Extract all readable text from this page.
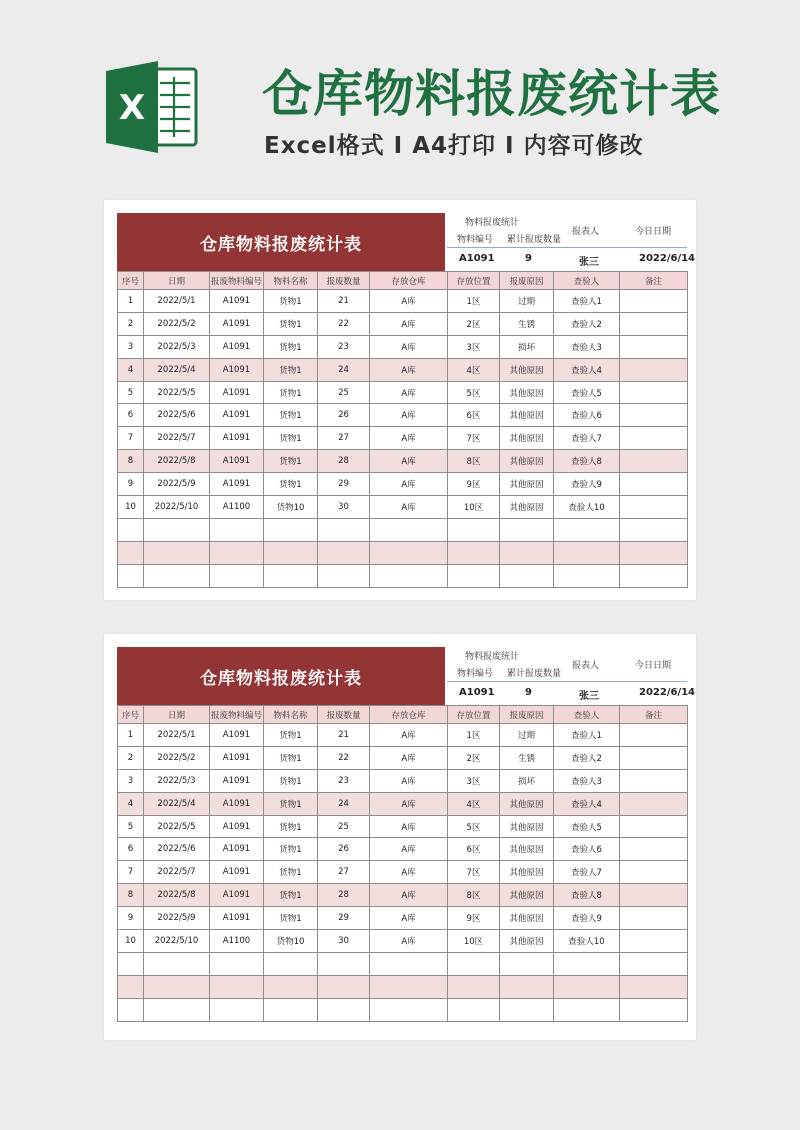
X 仓库物料报废统计表
Excel格式 I A4打印 I 内容可修改
仓库物料报废统计表
物料报废统计
物料编号 累计报废数量
报表人	今日日期
A1091	9	张三	2022/6/14
序号	日期	报废物料编号	物料名称	报废数量	存放仓库	存放位置	报废原因	查验人	备注
1	2022/5/1	A1091	货物1	21	A库	1区	过期	查验人1	
2	2022/5/2	A1091	货物1	22	A库	2区	生锈	查验人2	
3	2022/5/3	A1091	货物1	23	A库	3区	损坏	查验人3	
4	2022/5/4	A1091	货物1	24	A库	4区	其他原因	查验人4	
5	2022/5/5	A1091	货物1	25	A库	5区	其他原因	查验人5	
6	2022/5/6	A1091	货物1	26	A库	6区	其他原因	查验人6	
7	2022/5/7	A1091	货物1	27	A库	7区	其他原因	查验人7	
8	2022/5/8	A1091	货物1	28	A库	8区	其他原因	查验人8	
9	2022/5/9	A1091	货物1	29	A库	9区	其他原因	查验人9	
10	2022/5/10	A1100	货物10	30	A库	10区	其他原因	查验人10	

仓库物料报废统计表
物料报废统计
物料编号 累计报废数量
报表人	今日日期
A1091	9	张三	2022/6/14
序号	日期	报废物料编号	物料名称	报废数量	存放仓库	存放位置	报废原因	查验人	备注
1	2022/5/1	A1091	货物1	21	A库	1区	过期	查验人1	
2	2022/5/2	A1091	货物1	22	A库	2区	生锈	查验人2	
3	2022/5/3	A1091	货物1	23	A库	3区	损坏	查验人3	
4	2022/5/4	A1091	货物1	24	A库	4区	其他原因	查验人4	
5	2022/5/5	A1091	货物1	25	A库	5区	其他原因	查验人5	
6	2022/5/6	A1091	货物1	26	A库	6区	其他原因	查验人6	
7	2022/5/7	A1091	货物1	27	A库	7区	其他原因	查验人7	
8	2022/5/8	A1091	货物1	28	A库	8区	其他原因	查验人8	
9	2022/5/9	A1091	货物1	29	A库	9区	其他原因	查验人9	
10	2022/5/10	A1100	货物10	30	A库	10区	其他原因	查验人10	
